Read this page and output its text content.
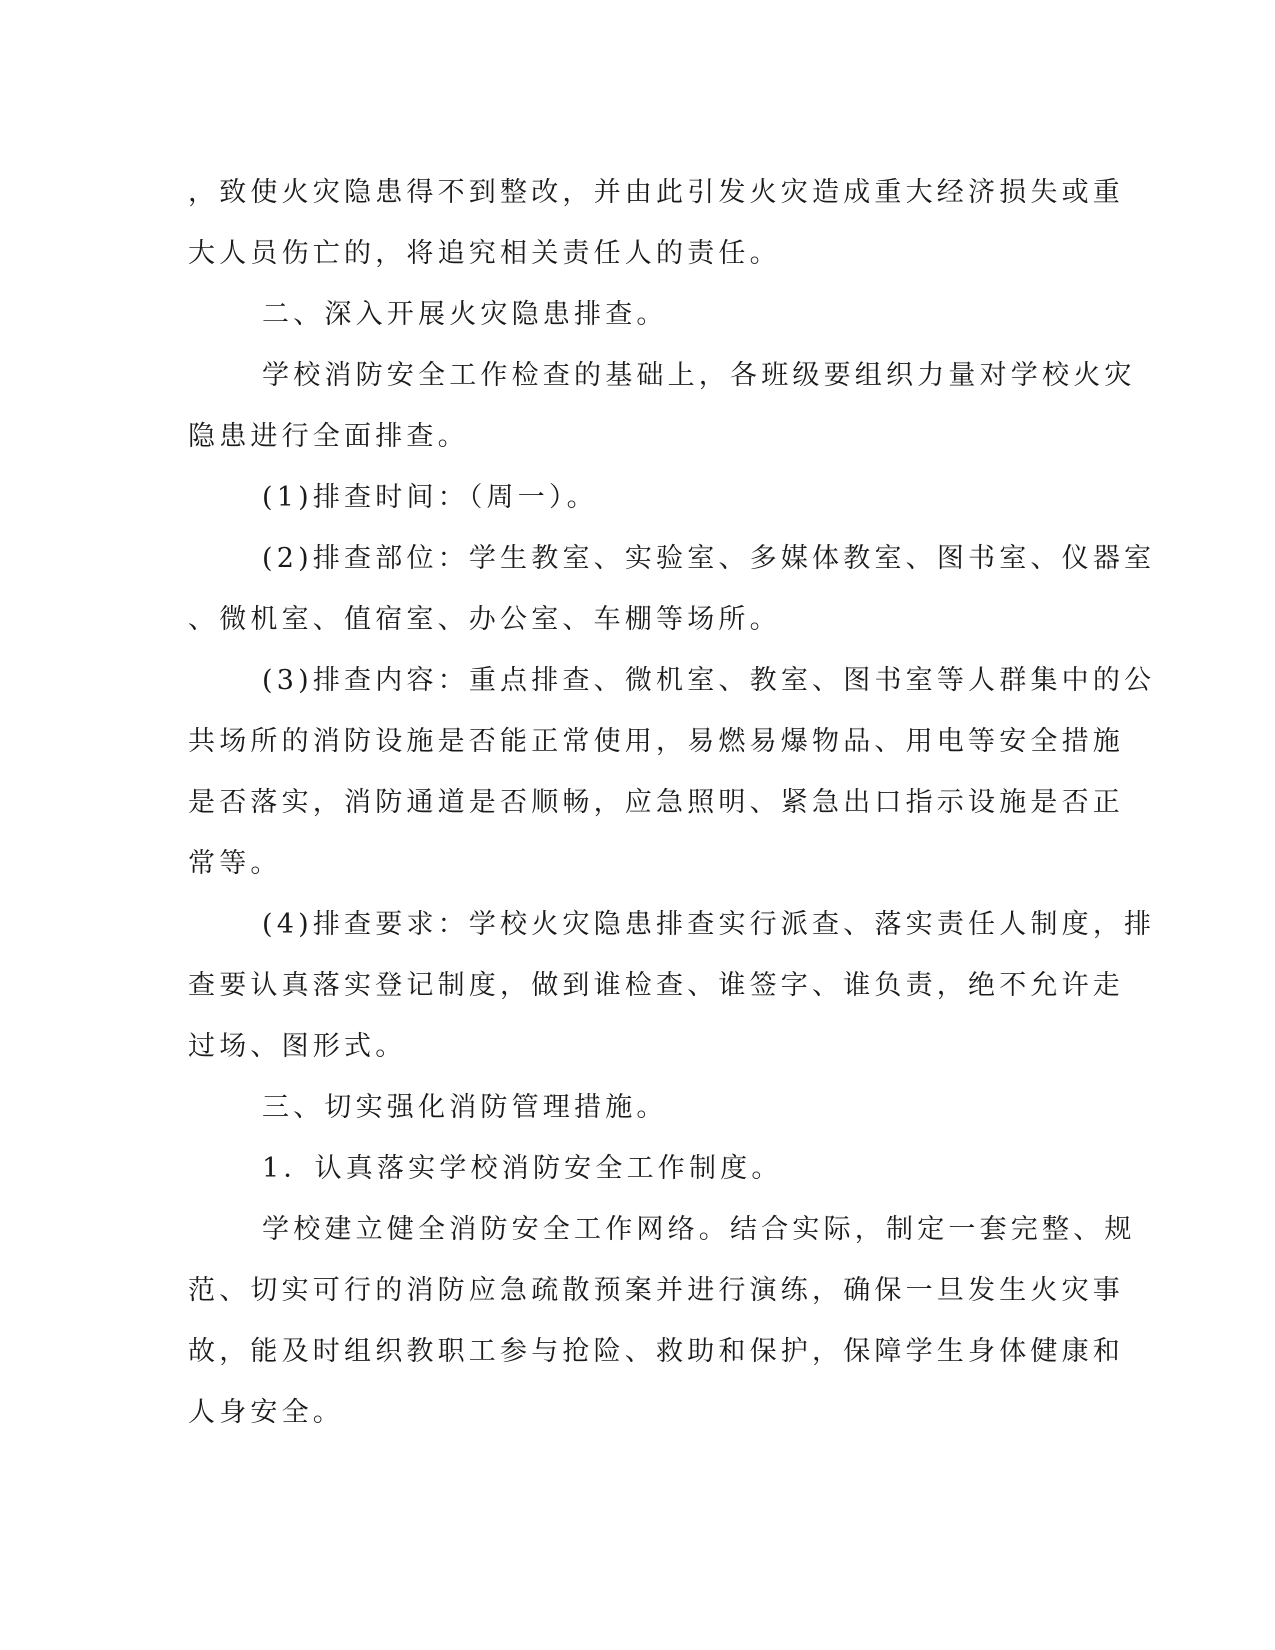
，致使火灾隐患得不到整改，并由此引发火灾造成重大经济损失或重
大人员伤亡的，将追究相关责任人的责任。
二、深入开展火灾隐患排查。
学校消防安全工作检查的基础上，各班级要组织力量对学校火灾
隐患进行全面排查。
(1)排查时间：（周一）。
(2)排查部位：学生教室、实验室、多媒体教室、图书室、仪器室
、微机室、值宿室、办公室、车棚等场所。
(3)排查内容：重点排查、微机室、教室、图书室等人群集中的公
共场所的消防设施是否能正常使用，易燃易爆物品、用电等安全措施
是否落实，消防通道是否顺畅，应急照明、紧急出口指示设施是否正
常等。
(4)排查要求：学校火灾隐患排查实行派查、落实责任人制度，排
查要认真落实登记制度，做到谁检查、谁签字、谁负责，绝不允许走
过场、图形式。
三、切实强化消防管理措施。
1．认真落实学校消防安全工作制度。
学校建立健全消防安全工作网络。结合实际，制定一套完整、规
范、切实可行的消防应急疏散预案并进行演练，确保一旦发生火灾事
故，能及时组织教职工参与抢险、救助和保护，保障学生身体健康和
人身安全。
